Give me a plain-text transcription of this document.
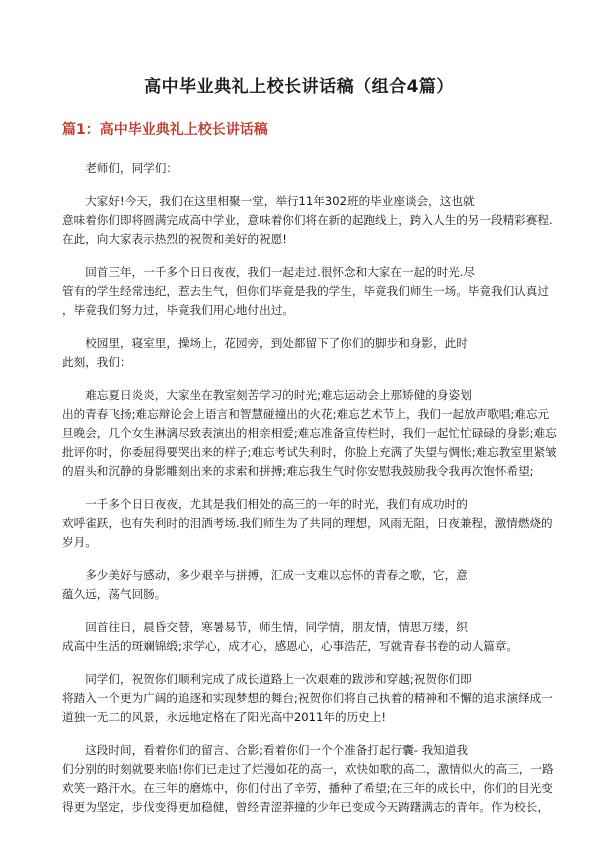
高中毕业典礼上校长讲话稿（组合4篇）
篇1：高中毕业典礼上校长讲话稿
老师们，同学们：
大家好!今天，我们在这里相聚一堂，举行11年302班的毕业座谈会，这也就
意味着你们即将圆满完成高中学业，意味着你们将在新的起跑线上，跨入人生的另一段精彩赛程.
在此，向大家表示热烈的祝贺和美好的祝愿!
回首三年，一千多个日日夜夜，我们一起走过.很怀念和大家在一起的时光.尽
管有的学生经常违纪，惹去生气，但你们毕竟是我的学生，毕竟我们师生一场。毕竟我们认真过
，毕竟我们努力过，毕竟我们用心地付出过。
校园里，寝室里，操场上，花园旁，到处都留下了你们的脚步和身影，此时
此刻，我们：
难忘夏日炎炎，大家坐在教室刻苦学习的时光;难忘运动会上那矫健的身姿划
出的青春飞扬;难忘辩论会上语言和智慧碰撞出的火花;难忘艺术节上，我们一起放声歌唱;难忘元
旦晚会，几个女生淋漓尽致表演出的相亲相爱;难忘准备宣传栏时，我们一起忙忙碌碌的身影;难忘
批评你时，你委屈得要哭出来的样子;难忘考试失利时，你脸上充满了失望与惆怅;难忘教室里紧皱
的眉头和沉静的身影雕刻出来的求索和拼搏;难忘我生气时你安慰我鼓励我令我再次饱怀希望;
一千多个日日夜夜，尤其是我们相处的高三的一年的时光，我们有成功时的
欢呼雀跃，也有失利时的泪洒考场.我们师生为了共同的理想，风雨无阻，日夜兼程，激情燃烧的
岁月。
多少美好与感动，多少艰辛与拼搏，汇成一支难以忘怀的青春之歌，它，意
蕴久远，荡气回肠。
回首往日，晨昏交替，寒暑易节，师生情，同学情，朋友情，情思万缕，织
成高中生活的斑斓锦缎;求学心，成才心，感恩心，心事浩茫，写就青春书卷的动人篇章。
同学们，祝贺你们顺利完成了成长道路上一次艰难的跋涉和穿越;祝贺你们即
将踏入一个更为广阔的追逐和实现梦想的舞台;祝贺你们将自己执着的精神和不懈的追求演绎成一
道独一无二的风景，永远地定格在了阳光高中2011年的历史上!
这段时间，看着你们的留言、合影;看着你们一个个准备打起行囊- 我知道我
们分别的时刻就要来临!你们已走过了烂漫如花的高一，欢快如歌的高二，激情似火的高三，一路
欢笑一路汗水。在三年的磨炼中，你们付出了辛劳，播种了希望;在三年的成长中，你们的目光变
得更为坚定，步伐变得更加稳健，曾经青涩莽撞的少年已变成今天踌躇满志的青年。作为校长，
